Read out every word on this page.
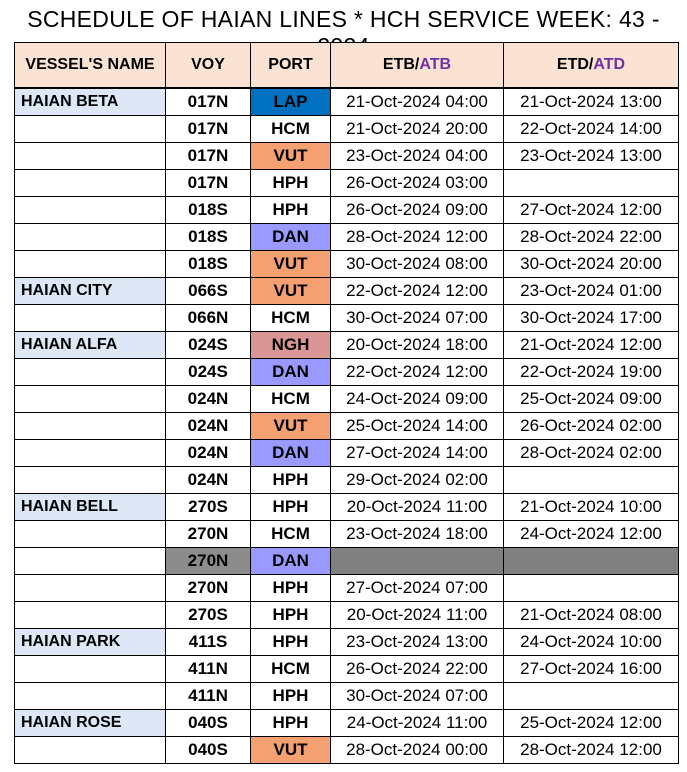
SCHEDULE OF HAIAN LINES * HCH SERVICE WEEK: 43 -
VESSEL'S NAME	VOY	PORT	ETB/ATB	ETD/ATD
HAIAN BETA	017N	LAP	21-Oct-2024 04:00	21-Oct-2024 13:00
	017N	HCM	21-Oct-2024 20:00	22-Oct-2024 14:00
	017N	VUT	23-Oct-2024 04:00	23-Oct-2024 13:00
	017N	HPH	26-Oct-2024 03:00	
	018S	HPH	26-Oct-2024 09:00	27-Oct-2024 12:00
	018S	DAN	28-Oct-2024 12:00	28-Oct-2024 22:00
	018S	VUT	30-Oct-2024 08:00	30-Oct-2024 20:00
HAIAN CITY	066S	VUT	22-Oct-2024 12:00	23-Oct-2024 01:00
	066N	HCM	30-Oct-2024 07:00	30-Oct-2024 17:00
HAIAN ALFA	024S	NGH	20-Oct-2024 18:00	21-Oct-2024 12:00
	024S	DAN	22-Oct-2024 12:00	22-Oct-2024 19:00
	024N	HCM	24-Oct-2024 09:00	25-Oct-2024 09:00
	024N	VUT	25-Oct-2024 14:00	26-Oct-2024 02:00
	024N	DAN	27-Oct-2024 14:00	28-Oct-2024 02:00
	024N	HPH	29-Oct-2024 02:00	
HAIAN BELL	270S	HPH	20-Oct-2024 11:00	21-Oct-2024 10:00
	270N	HCM	23-Oct-2024 18:00	24-Oct-2024 12:00
	270N	DAN		
	270N	HPH	27-Oct-2024 07:00	
	270S	HPH	20-Oct-2024 11:00	21-Oct-2024 08:00
HAIAN PARK	411S	HPH	23-Oct-2024 13:00	24-Oct-2024 10:00
	411N	HCM	26-Oct-2024 22:00	27-Oct-2024 16:00
	411N	HPH	30-Oct-2024 07:00	
HAIAN ROSE	040S	HPH	24-Oct-2024 11:00	25-Oct-2024 12:00
	040S	VUT	28-Oct-2024 00:00	28-Oct-2024 12:00
